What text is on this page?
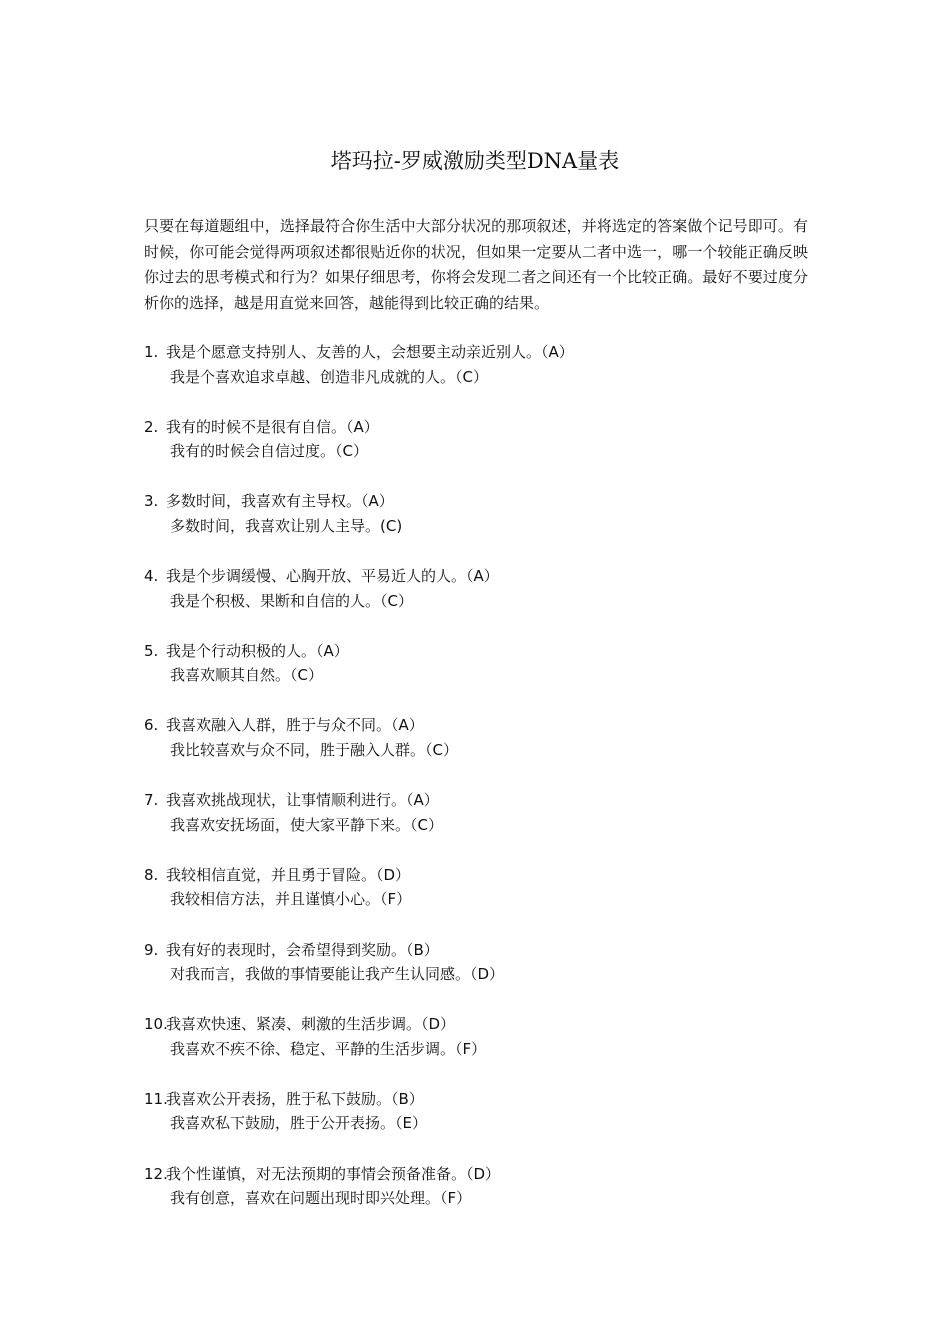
塔玛拉-罗威激励类型DNA量表
只要在每道题组中，选择最符合你生活中大部分状况的那项叙述，并将选定的答案做个记号即可。有时候，你可能会觉得两项叙述都很贴近你的状况，但如果一定要从二者中选一，哪一个较能正确反映你过去的思考模式和行为？如果仔细思考，你将会发现二者之间还有一个比较正确。最好不要过度分析你的选择，越是用直觉来回答，越能得到比较正确的结果。
1. 我是个愿意支持别人、友善的人，会想要主动亲近别人。（A）
我是个喜欢追求卓越、创造非凡成就的人。（C）
2. 我有的时候不是很有自信。（A）
我有的时候会自信过度。（C）
3. 多数时间，我喜欢有主导权。（A）
多数时间，我喜欢让别人主导。(C)
4. 我是个步调缓慢、心胸开放、平易近人的人。（A）
我是个积极、果断和自信的人。（C）
5. 我是个行动积极的人。（A）
我喜欢顺其自然。（C）
6. 我喜欢融入人群，胜于与众不同。（A）
我比较喜欢与众不同，胜于融入人群。（C）
7. 我喜欢挑战现状，让事情顺利进行。（A）
我喜欢安抚场面，使大家平静下来。（C）
8. 我较相信直觉，并且勇于冒险。（D）
我较相信方法，并且谨慎小心。（F）
9. 我有好的表现时，会希望得到奖励。（B）
对我而言，我做的事情要能让我产生认同感。（D）
10.
我喜欢快速、紧凑、刺激的生活步调。（D）
我喜欢不疾不徐、稳定、平静的生活步调。（F）
11.
我喜欢公开表扬，胜于私下鼓励。（B）
我喜欢私下鼓励，胜于公开表扬。（E）
12.
我个性谨慎，对无法预期的事情会预备准备。（D）
我有创意，喜欢在问题出现时即兴处理。（F）
